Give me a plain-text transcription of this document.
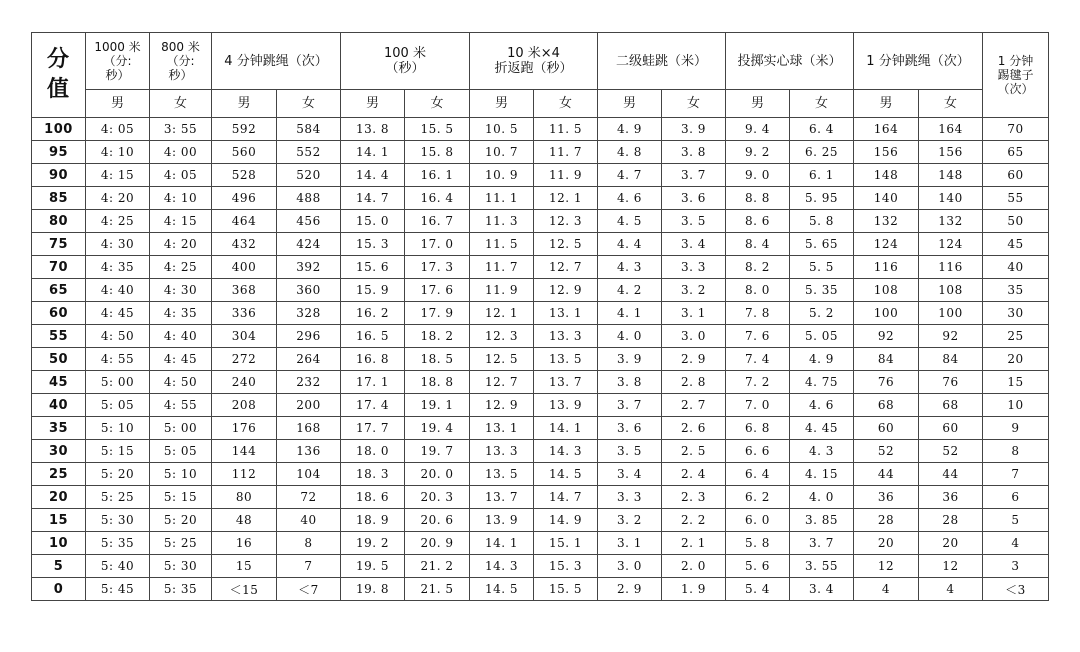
分
值	1000 米
（分:
秒）	800 米
（分:
秒）	4 分钟跳绳（次）		100 米
（秒）		10 米×4
折返跑（秒）		二级蛙跳（米）		投掷实心球（米）		1 分钟跳绳（次）		1 分钟
踢毽子
（次）

	男	女	男	女	男	女	男	女	男	女	男	女	男	女	
100	4: 05	3: 55	592	584	13. 8	15. 5	10. 5	11. 5	4. 9	3. 9	9. 4	6. 4	164	164	70
95	4: 10	4: 00	560	552	14. 1	15. 8	10. 7	11. 7	4. 8	3. 8	9. 2	6. 25	156	156	65
90	4: 15	4: 05	528	520	14. 4	16. 1	10. 9	11. 9	4. 7	3. 7	9. 0	6. 1	148	148	60
85	4: 20	4: 10	496	488	14. 7	16. 4	11. 1	12. 1	4. 6	3. 6	8. 8	5. 95	140	140	55
80	4: 25	4: 15	464	456	15. 0	16. 7	11. 3	12. 3	4. 5	3. 5	8. 6	5. 8	132	132	50
75	4: 30	4: 20	432	424	15. 3	17. 0	11. 5	12. 5	4. 4	3. 4	8. 4	5. 65	124	124	45
70	4: 35	4: 25	400	392	15. 6	17. 3	11. 7	12. 7	4. 3	3. 3	8. 2	5. 5	116	116	40
65	4: 40	4: 30	368	360	15. 9	17. 6	11. 9	12. 9	4. 2	3. 2	8. 0	5. 35	108	108	35
60	4: 45	4: 35	336	328	16. 2	17. 9	12. 1	13. 1	4. 1	3. 1	7. 8	5. 2	100	100	30
55	4: 50	4: 40	304	296	16. 5	18. 2	12. 3	13. 3	4. 0	3. 0	7. 6	5. 05	92	92	25
50	4: 55	4: 45	272	264	16. 8	18. 5	12. 5	13. 5	3. 9	2. 9	7. 4	4. 9	84	84	20
45	5: 00	4: 50	240	232	17. 1	18. 8	12. 7	13. 7	3. 8	2. 8	7. 2	4. 75	76	76	15
40	5: 05	4: 55	208	200	17. 4	19. 1	12. 9	13. 9	3. 7	2. 7	7. 0	4. 6	68	68	10
35	5: 10	5: 00	176	168	17. 7	19. 4	13. 1	14. 1	3. 6	2. 6	6. 8	4. 45	60	60	9
30	5: 15	5: 05	144	136	18. 0	19. 7	13. 3	14. 3	3. 5	2. 5	6. 6	4. 3	52	52	8
25	5: 20	5: 10	112	104	18. 3	20. 0	13. 5	14. 5	3. 4	2. 4	6. 4	4. 15	44	44	7
20	5: 25	5: 15	80	72	18. 6	20. 3	13. 7	14. 7	3. 3	2. 3	6. 2	4. 0	36	36	6
15	5: 30	5: 20	48	40	18. 9	20. 6	13. 9	14. 9	3. 2	2. 2	6. 0	3. 85	28	28	5
10	5: 35	5: 25	16	8	19. 2	20. 9	14. 1	15. 1	3. 1	2. 1	5. 8	3. 7	20	20	4
5	5: 40	5: 30	15	7	19. 5	21. 2	14. 3	15. 3	3. 0	2. 0	5. 6	3. 55	12	12	3
0	5: 45	5: 35	＜15	＜7	19. 8	21. 5	14. 5	15. 5	2. 9	1. 9	5. 4	3. 4	4	4	＜3
